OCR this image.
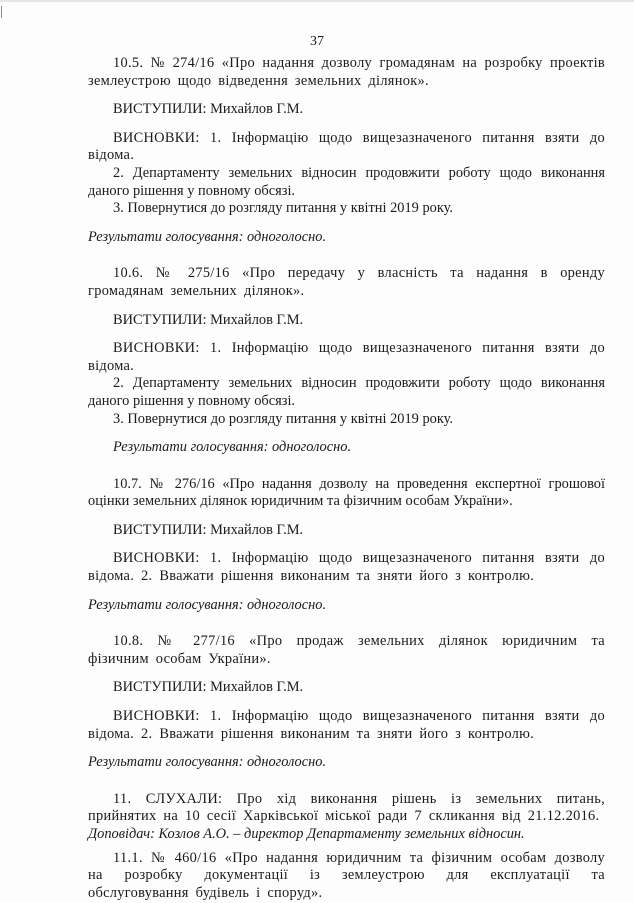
37

10.5. № 274/16 «Про надання дозволу громадянам на розробку проектів землеустрою щодо відведення земельних ділянок».

ВИСТУПИЛИ: Михайлов Г.М.

ВИСНОВКИ: 1. Інформацію щодо вищезазначеного питання взяти до відома.

2. Департаменту земельних відносин продовжити роботу щодо виконання даного рішення у повному обсязі.

3. Повернутися до розгляду питання у квітні 2019 року.

Результати голосування: одноголосно.

10.6. № 275/16 «Про передачу у власність та надання в оренду громадянам земельних ділянок».

ВИСТУПИЛИ: Михайлов Г.М.

ВИСНОВКИ: 1. Інформацію щодо вищезазначеного питання взяти до відома.

2. Департаменту земельних відносин продовжити роботу щодо виконання даного рішення у повному обсязі.

3. Повернутися до розгляду питання у квітні 2019 року.

Результати голосування: одноголосно.

10.7. № 276/16 «Про надання дозволу на проведення експертної грошової оцінки земельних ділянок юридичним та фізичним особам України».

ВИСТУПИЛИ: Михайлов Г.М.

ВИСНОВКИ: 1. Інформацію щодо вищезазначеного питання взяти до відома. 2. Вважати рішення виконаним та зняти його з контролю.

Результати голосування: одноголосно.

10.8. № 277/16 «Про продаж земельних ділянок юридичним та фізичним особам України».

ВИСТУПИЛИ: Михайлов Г.М.

ВИСНОВКИ: 1. Інформацію щодо вищезазначеного питання взяти до відома. 2. Вважати рішення виконаним та зняти його з контролю.

Результати голосування: одноголосно.

11. СЛУХАЛИ: Про хід виконання рішень із земельних питань, прийнятих на 10 сесії Харківської міської ради 7 скликання від 21.12.2016.

Доповідач: Козлов А.О. – директор Департаменту земельних відносин.

11.1. № 460/16 «Про надання юридичним та фізичним особам дозволу на розробку документації із землеустрою для експлуатації та обслуговування будівель і споруд».
